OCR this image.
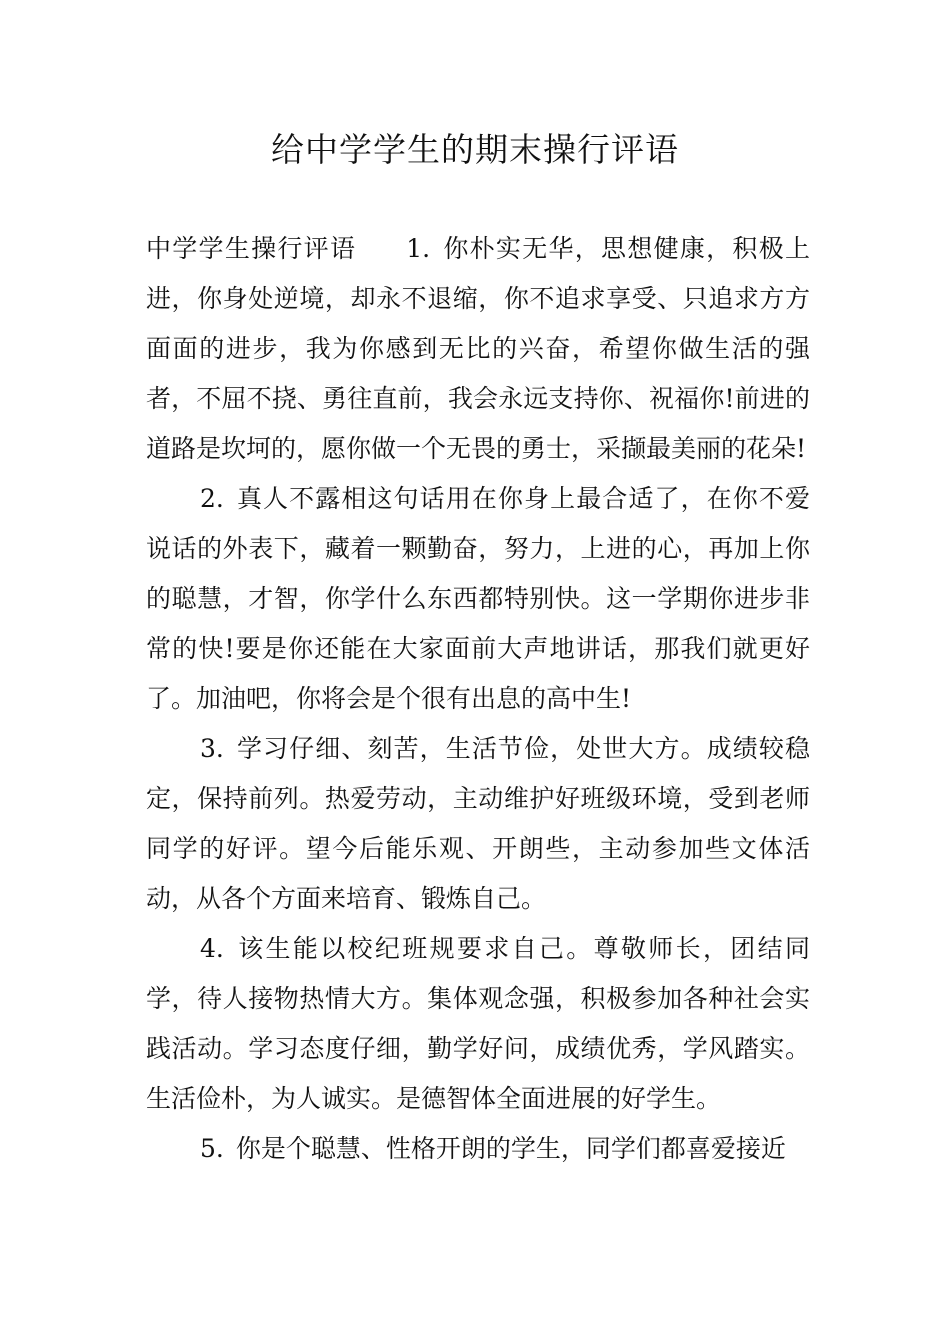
给中学学生的期末操行评语

中学学生操行评语 1. 你朴实无华，思想健康，积极上进，你身处逆境，却永不退缩，你不追求享受、只追求方方面面的进步，我为你感到无比的兴奋，希望你做生活的强者，不屈不挠、勇往直前，我会永远支持你、祝福你!前进的道路是坎坷的，愿你做一个无畏的勇士，采撷最美丽的花朵!

2. 真人不露相这句话用在你身上最合适了，在你不爱说话的外表下，藏着一颗勤奋，努力，上进的心，再加上你的聪慧，才智，你学什么东西都特别快。这一学期你进步非常的快!要是你还能在大家面前大声地讲话，那我们就更好了。加油吧，你将会是个很有出息的高中生!

3. 学习仔细、刻苦，生活节俭，处世大方。成绩较稳定，保持前列。热爱劳动，主动维护好班级环境，受到老师同学的好评。望今后能乐观、开朗些，主动参加些文体活动，从各个方面来培育、锻炼自己。

4. 该生能以校纪班规要求自己。尊敬师长，团结同学，待人接物热情大方。集体观念强，积极参加各种社会实践活动。学习态度仔细，勤学好问，成绩优秀，学风踏实。生活俭朴，为人诚实。是德智体全面进展的好学生。

5. 你是个聪慧、性格开朗的学生，同学们都喜爱接近
